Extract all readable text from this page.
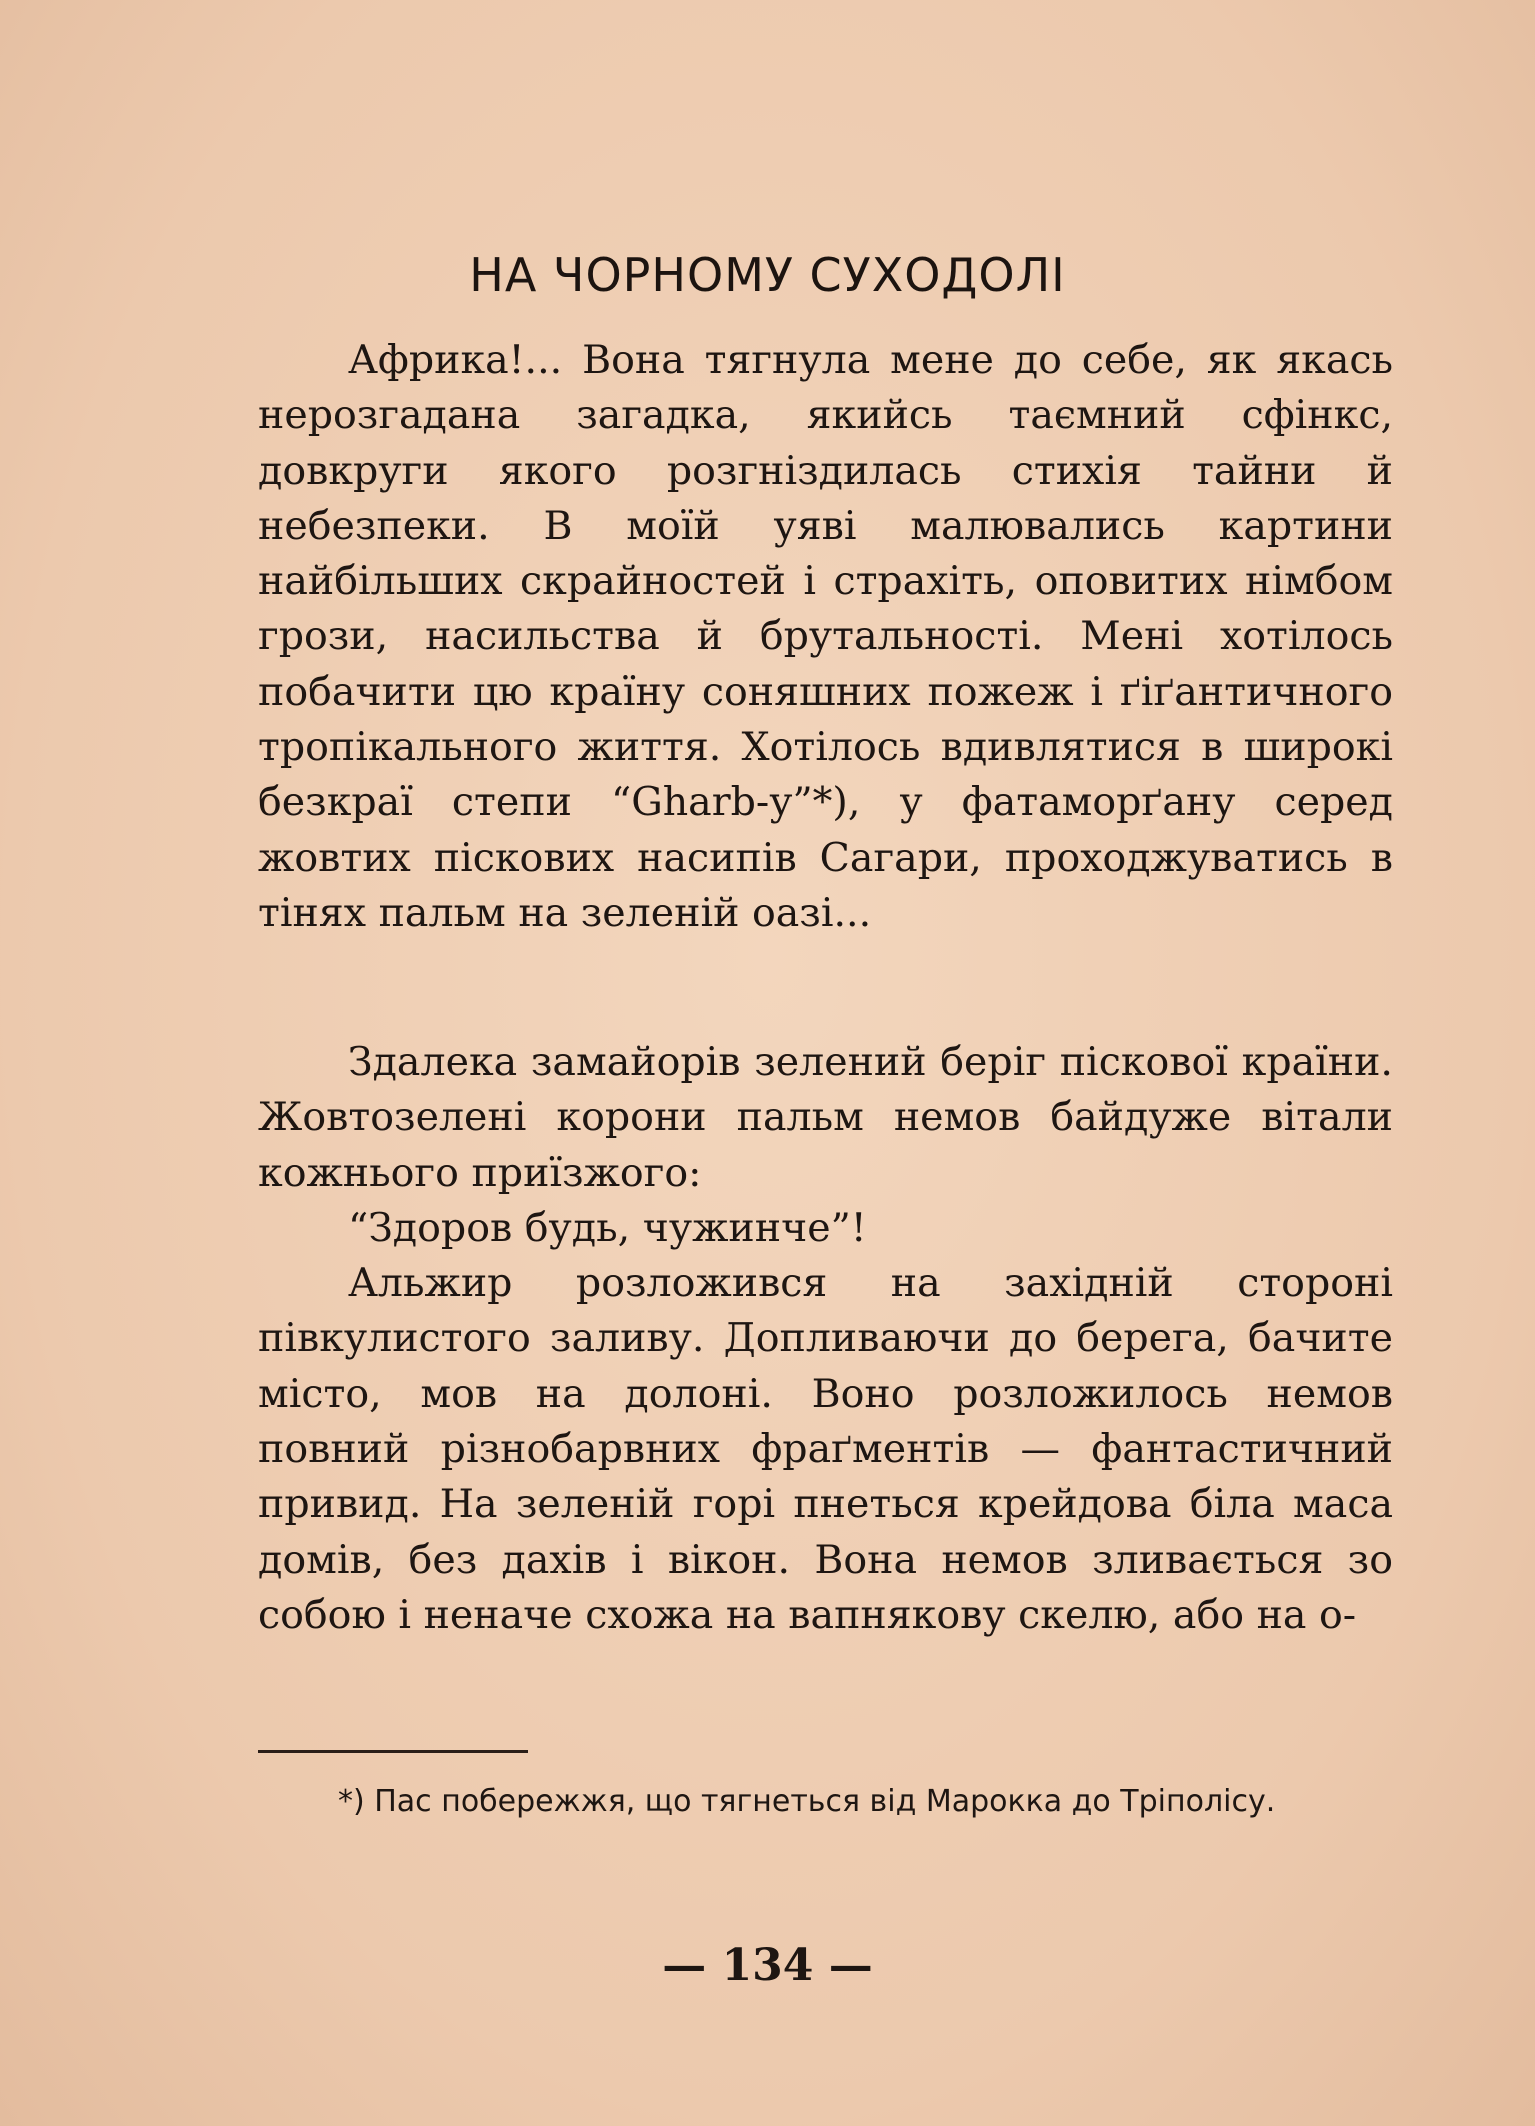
НА ЧОРНОМУ СУХОДОЛІ

Африка!... Вона тягнула мене до себе, як якась нерозгадана загадка, якийсь таємний сфінкс, довкруги якого розгніздилась стихія тайни й небезпеки. В моїй уяві малювались картини найбільших скрайностей і страхіть, оповитих німбом грози, насильства й брутальності. Мені хотілось побачити цю країну соняшних пожеж і ґіґантичного тропікального життя. Хотілось вдивлятися в широкі безкраї степи “Gharb-у”*), у фатаморґану серед жовтих піскових насипів Сагари, проходжуватись в тінях пальм на зеленій оазі...

Здалека замайорів зелений беріг піскової країни. Жовтозелені корони пальм немов байдуже вітали кожнього приїзжого:

“Здоров будь, чужинче”!

Альжир розложився на західній стороні півкулистого заливу. Допливаючи до берега, бачите місто, мов на долоні. Воно розложилось немов повний різнобарвних фраґментів — фантастичний привид. На зеленій горі пнеться крейдова біла маса домів, без дахів і вікон. Вона немов зливається зо собою і неначе схожа на вапнякову скелю, або на о-

*) Пас побережжя, що тягнеться від Марокка до Тріполісу.

— 134 —
